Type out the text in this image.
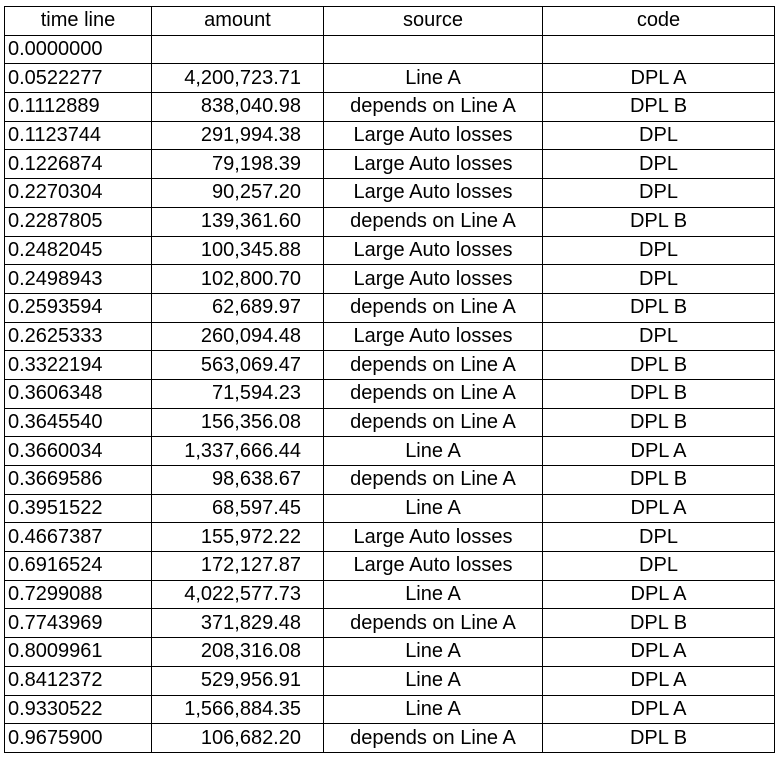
time line	amount	source	code
0.0000000			
0.0522277	4,200,723.71	Line A	DPL A
0.1112889	838,040.98	depends on Line A	DPL B
0.1123744	291,994.38	Large Auto losses	DPL
0.1226874	79,198.39	Large Auto losses	DPL
0.2270304	90,257.20	Large Auto losses	DPL
0.2287805	139,361.60	depends on Line A	DPL B
0.2482045	100,345.88	Large Auto losses	DPL
0.2498943	102,800.70	Large Auto losses	DPL
0.2593594	62,689.97	depends on Line A	DPL B
0.2625333	260,094.48	Large Auto losses	DPL
0.3322194	563,069.47	depends on Line A	DPL B
0.3606348	71,594.23	depends on Line A	DPL B
0.3645540	156,356.08	depends on Line A	DPL B
0.3660034	1,337,666.44	Line A	DPL A
0.3669586	98,638.67	depends on Line A	DPL B
0.3951522	68,597.45	Line A	DPL A
0.4667387	155,972.22	Large Auto losses	DPL
0.6916524	172,127.87	Large Auto losses	DPL
0.7299088	4,022,577.73	Line A	DPL A
0.7743969	371,829.48	depends on Line A	DPL B
0.8009961	208,316.08	Line A	DPL A
0.8412372	529,956.91	Line A	DPL A
0.9330522	1,566,884.35	Line A	DPL A
0.9675900	106,682.20	depends on Line A	DPL B
